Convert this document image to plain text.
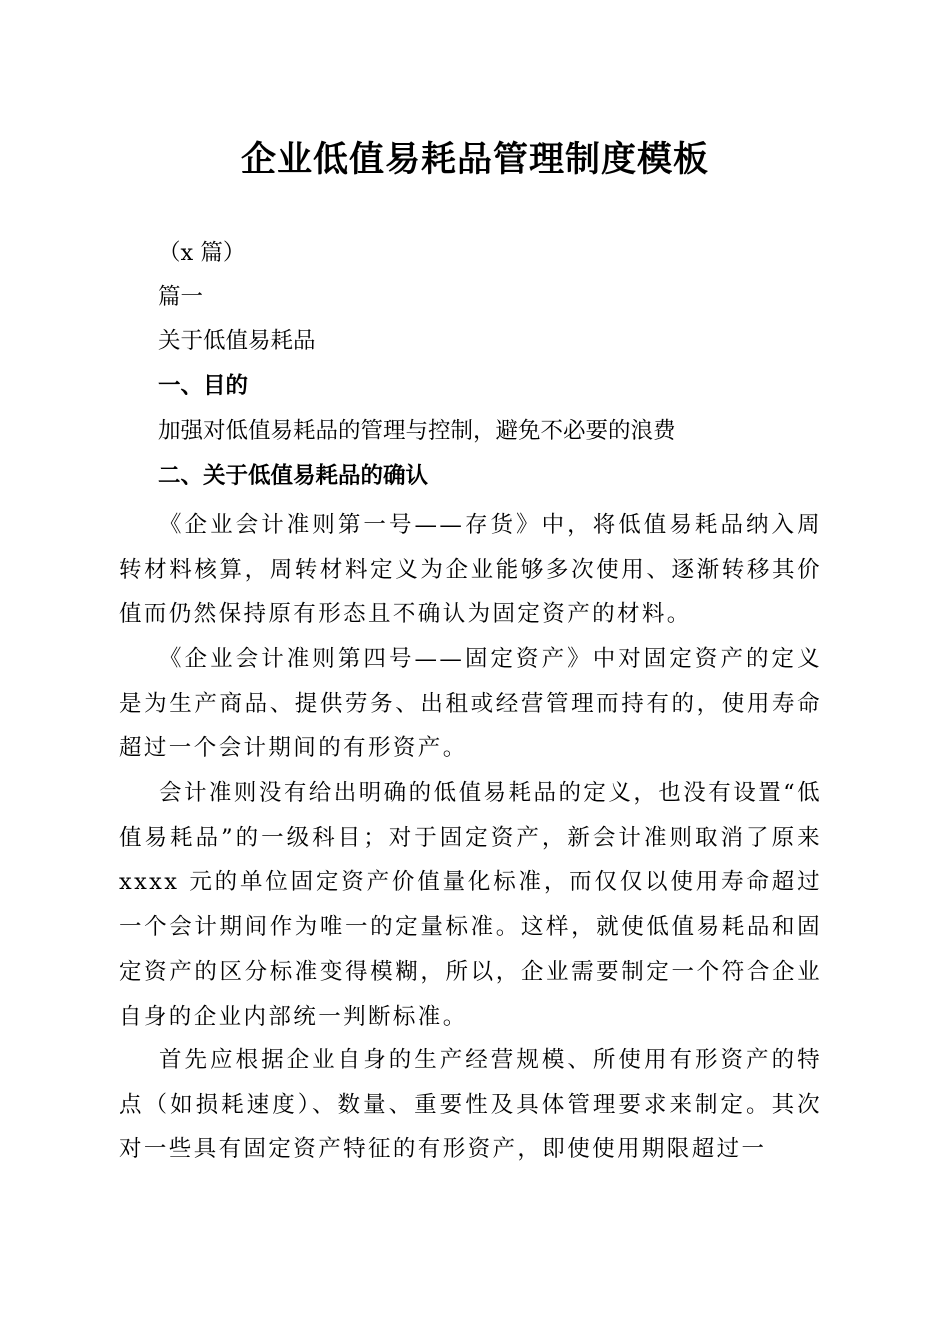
企业低值易耗品管理制度模板
（x 篇）
篇一
关于低值易耗品
一、目的
加强对低值易耗品的管理与控制，避免不必要的浪费
二、关于低值易耗品的确认

《企业会计准则第一号——存货》中，将低值易耗品纳入周转材料核算，周转材料定义为企业能够多次使用、逐渐转移其价值而仍然保持原有形态且不确认为固定资产的材料。

《企业会计准则第四号——固定资产》中对固定资产的定义是为生产商品、提供劳务、出租或经营管理而持有的，使用寿命超过一个会计期间的有形资产。

会计准则没有给出明确的低值易耗品的定义，也没有设置“低值易耗品”的一级科目；对于固定资产，新会计准则取消了原来 xxxx 元的单位固定资产价值量化标准，而仅仅以使用寿命超过一个会计期间作为唯一的定量标准。这样，就使低值易耗品和固定资产的区分标准变得模糊，所以，企业需要制定一个符合企业自身的企业内部统一判断标准。

首先应根据企业自身的生产经营规模、所使用有形资产的特点（如损耗速度）、数量、重要性及具体管理要求来制定。其次对一些具有固定资产特征的有形资产，即使使用期限超过一
